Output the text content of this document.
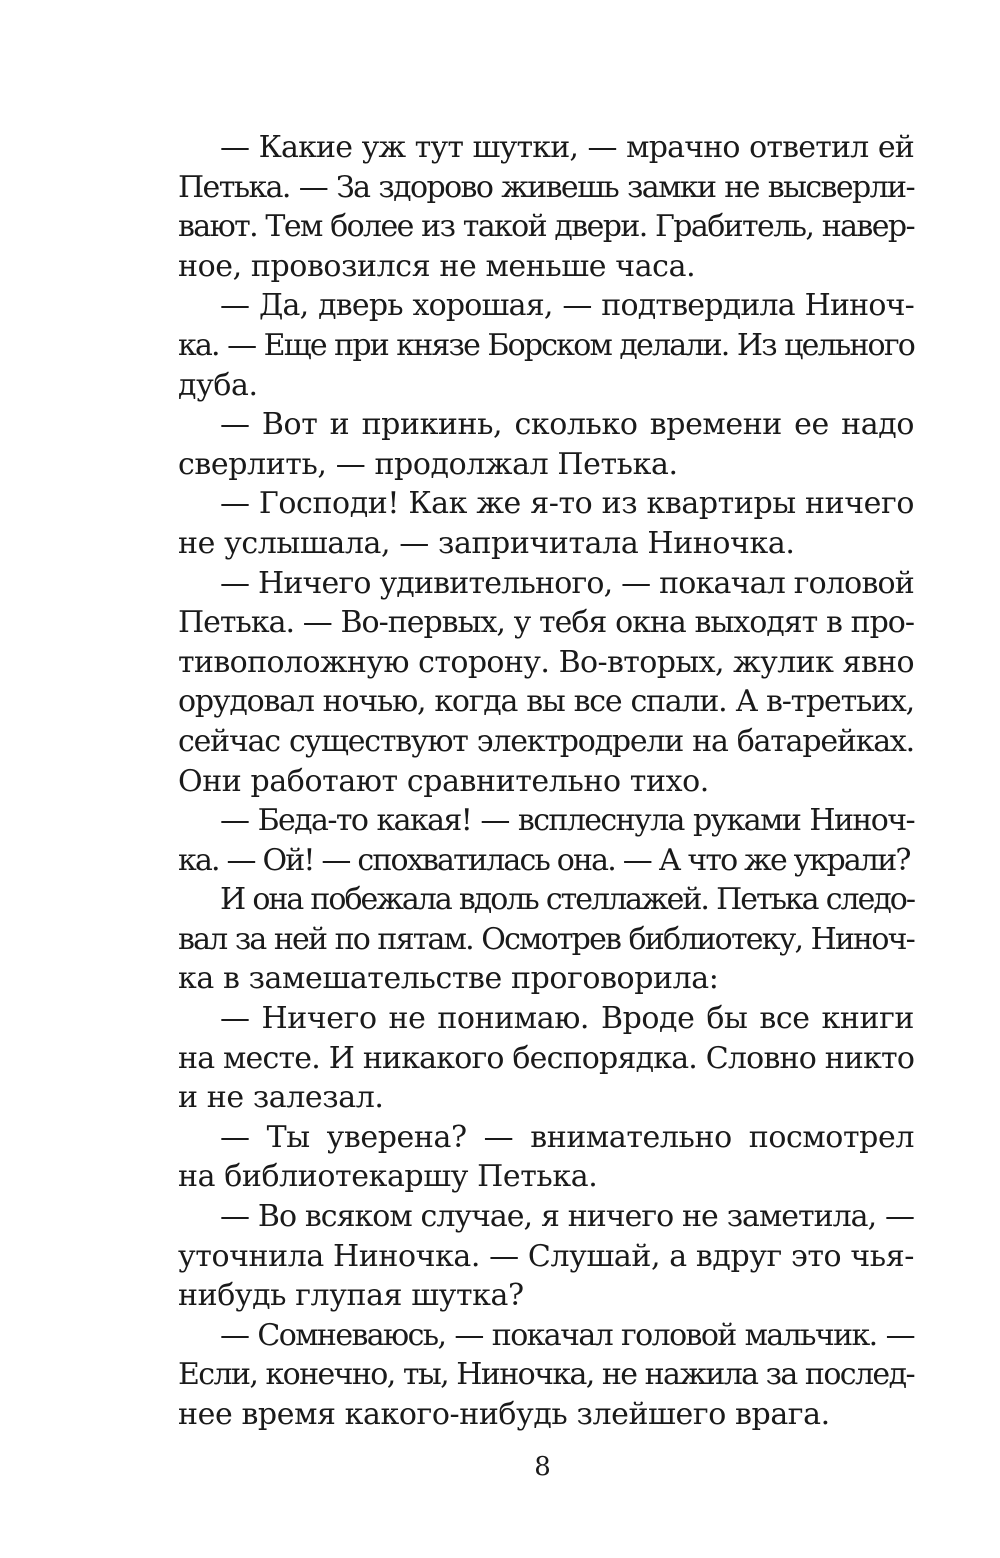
— Какие уж тут шутки, — мрачно ответил ей
Петька. — За здорово живешь замки не высверли-
вают. Тем более из такой двери. Грабитель, навер-
ное, провозился не меньше часа.
— Да, дверь хорошая, — подтвердила Ниноч-
ка. — Еще при князе Борском делали. Из цельного
дуба.
— Вот и прикинь, сколько времени ее надо
сверлить, — продолжал Петька.
— Господи! Как же я-то из квартиры ничего
не услышала, — запричитала Ниночка.
— Ничего удивительного, — покачал головой
Петька. — Во-первых, у тебя окна выходят в про-
тивоположную сторону. Во-вторых, жулик явно
орудовал ночью, когда вы все спали. А в-третьих,
сейчас существуют электродрели на батарейках.
Они работают сравнительно тихо.
— Беда-то какая! — всплеснула руками Ниноч-
ка. — Ой! — спохватилась она. — А что же украли?
И она побежала вдоль стеллажей. Петька следо-
вал за ней по пятам. Осмотрев библиотеку, Ниноч-
ка в замешательстве проговорила:
— Ничего не понимаю. Вроде бы все книги
на месте. И никакого беспорядка. Словно никто
и не залезал.
— Ты уверена? — внимательно посмотрел
на библиотекаршу Петька.
— Во всяком случае, я ничего не заметила, —
уточнила Ниночка. — Слушай, а вдруг это чья-
нибудь глупая шутка?
— Сомневаюсь, — покачал головой мальчик. —
Если, конечно, ты, Ниночка, не нажила за послед-
нее время какого-нибудь злейшего врага.
8
